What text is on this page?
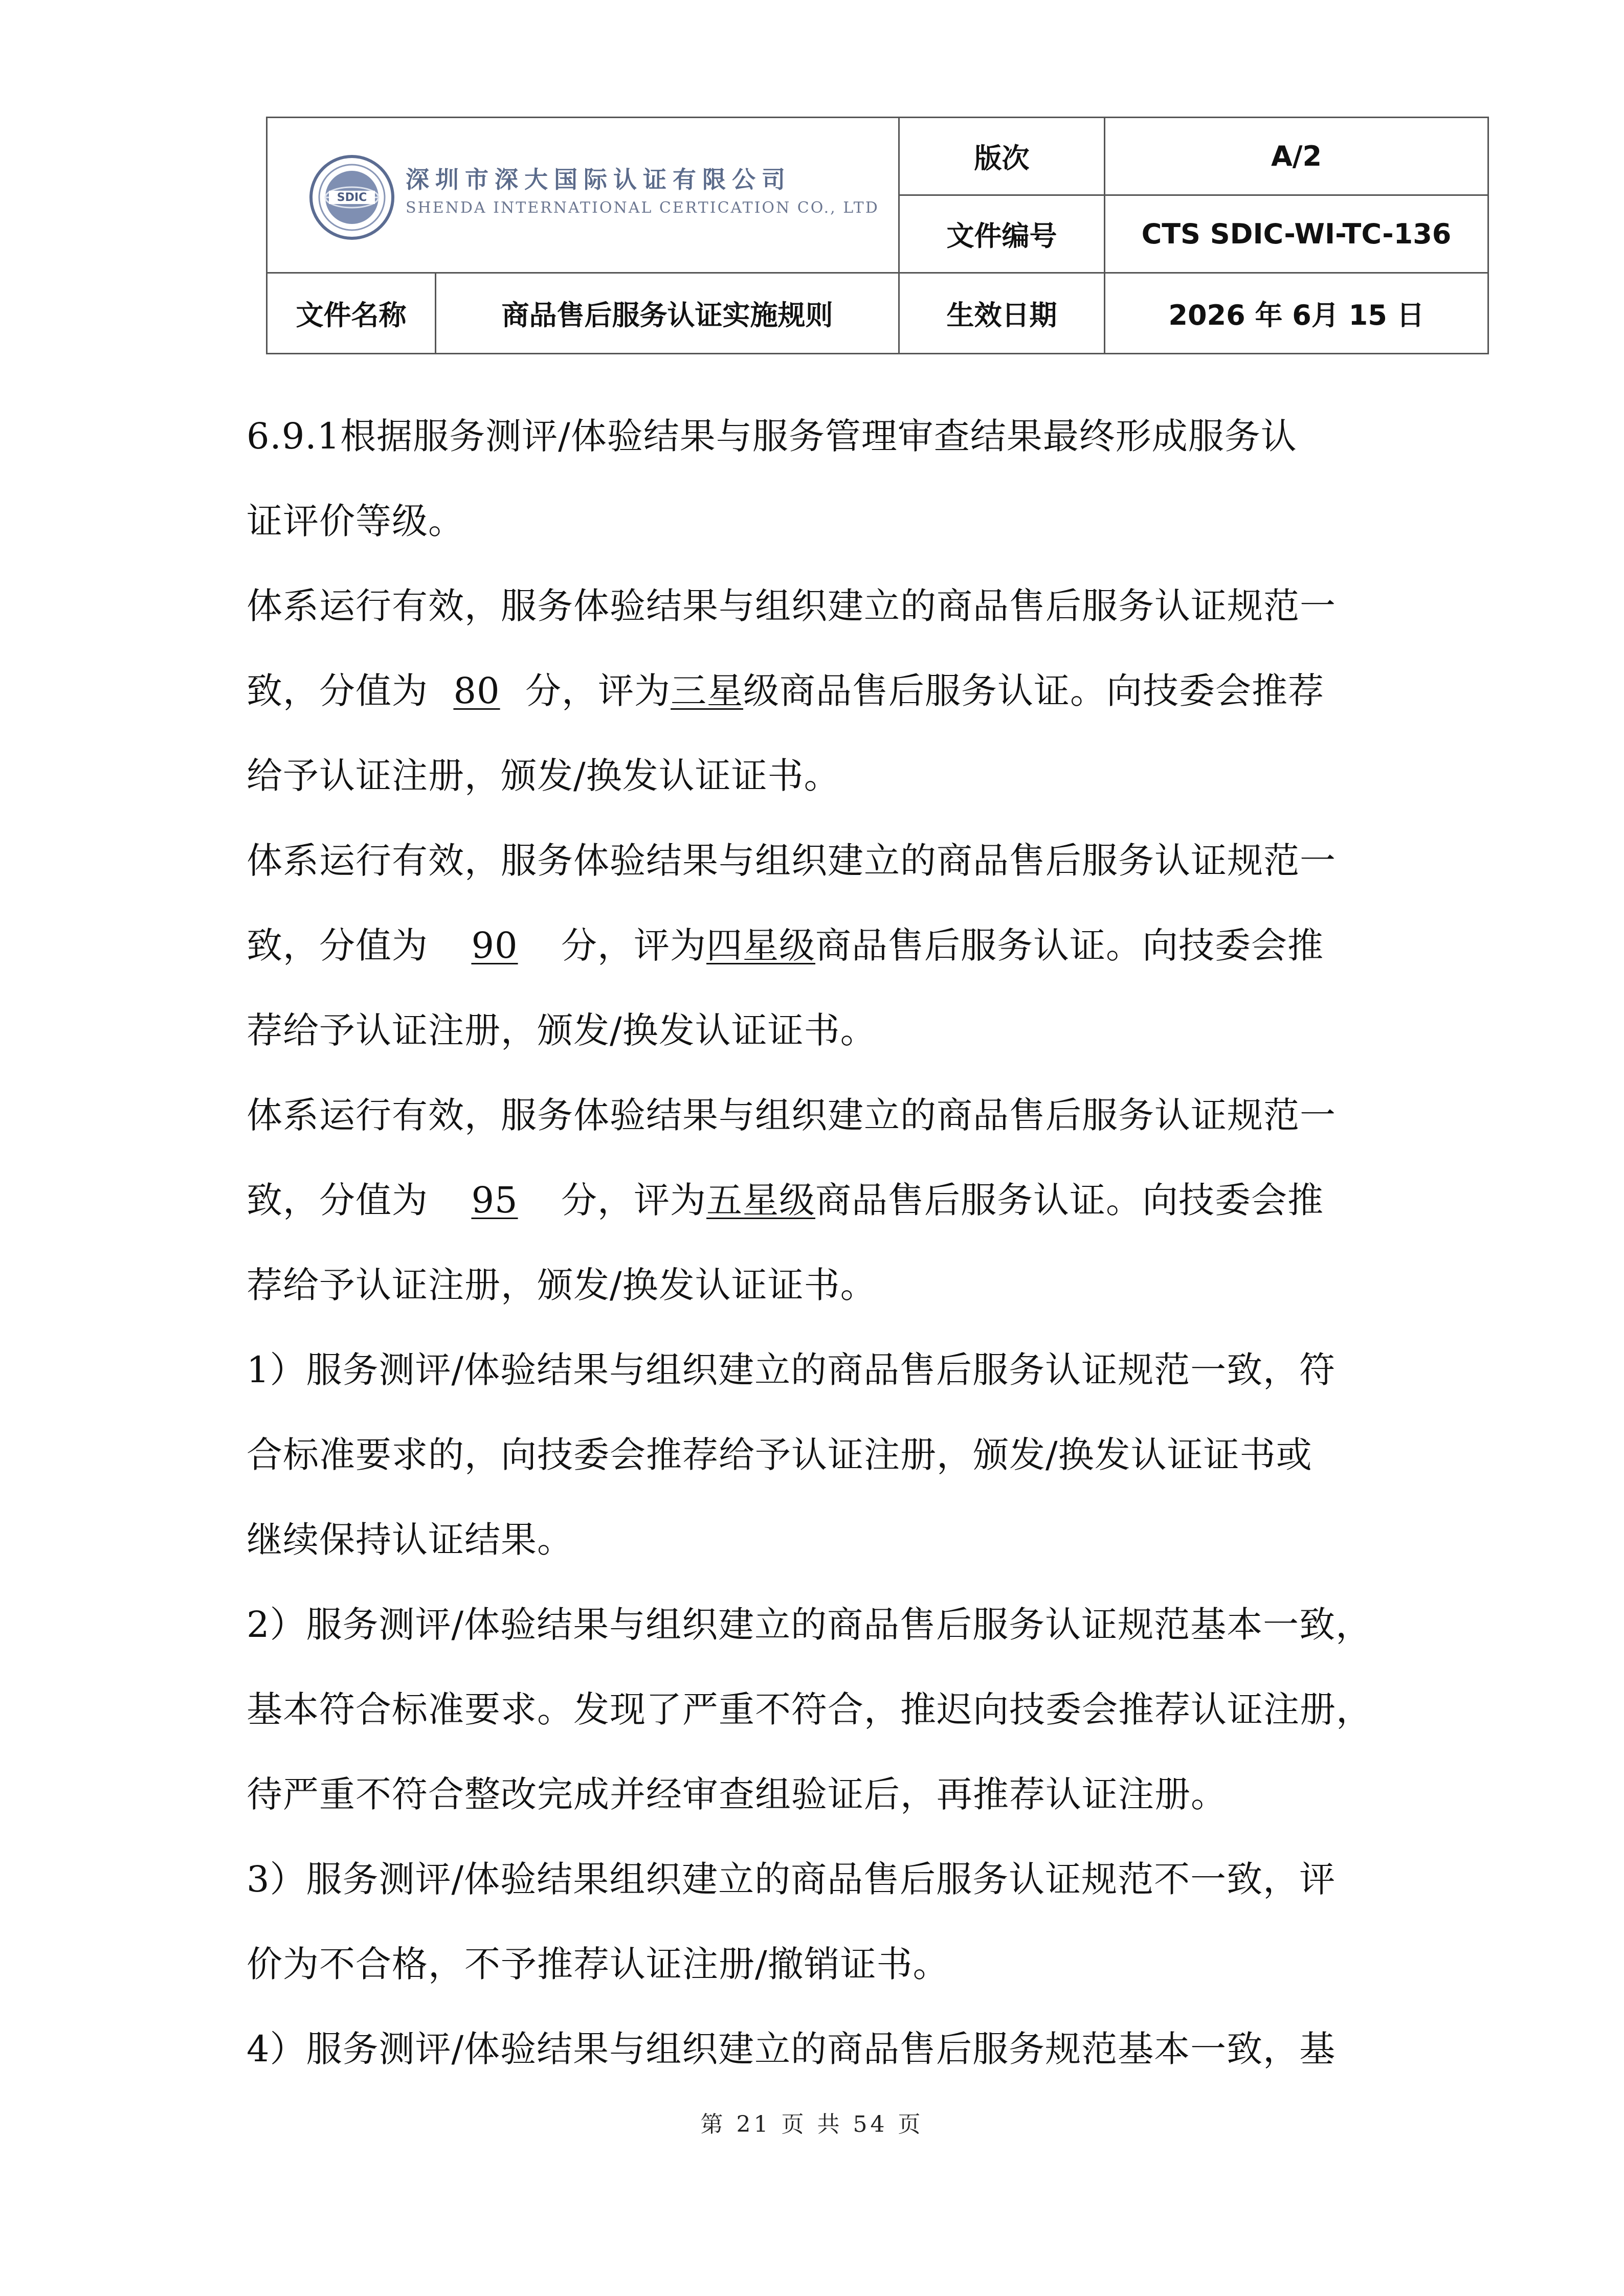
SDIC
深圳市深大国际认证有限公司
SHENDA INTERNATIONAL CERTICATION CO., LTD		版次	A/2
		文件编号	CTS SDIC-WI-TC-136
文件名称	商品售后服务认证实施规则	生效日期	2026 年 6月 15 日
6.9.1根据服务测评/体验结果与服务管理审查结果最终形成服务认
证评价等级。
体系运行有效，服务体验结果与组织建立的商品售后服务认证规范一
致，分值为 80 分，评为三星级商品售后服务认证。向技委会推荐
给予认证注册，颁发/换发认证证书。
体系运行有效，服务体验结果与组织建立的商品售后服务认证规范一
致，分值为 90 分，评为四星级商品售后服务认证。向技委会推
荐给予认证注册，颁发/换发认证证书。
体系运行有效，服务体验结果与组织建立的商品售后服务认证规范一
致，分值为 95 分，评为五星级商品售后服务认证。向技委会推
荐给予认证注册，颁发/换发认证证书。
1）服务测评/体验结果与组织建立的商品售后服务认证规范一致，符
合标准要求的，向技委会推荐给予认证注册，颁发/换发认证证书或
继续保持认证结果。
2）服务测评/体验结果与组织建立的商品售后服务认证规范基本一致，
基本符合标准要求。发现了严重不符合，推迟向技委会推荐认证注册，
待严重不符合整改完成并经审查组验证后，再推荐认证注册。
3）服务测评/体验结果组织建立的商品售后服务认证规范不一致，评
价为不合格，不予推荐认证注册/撤销证书。
4）服务测评/体验结果与组织建立的商品售后服务规范基本一致，基
第 21 页 共 54 页
